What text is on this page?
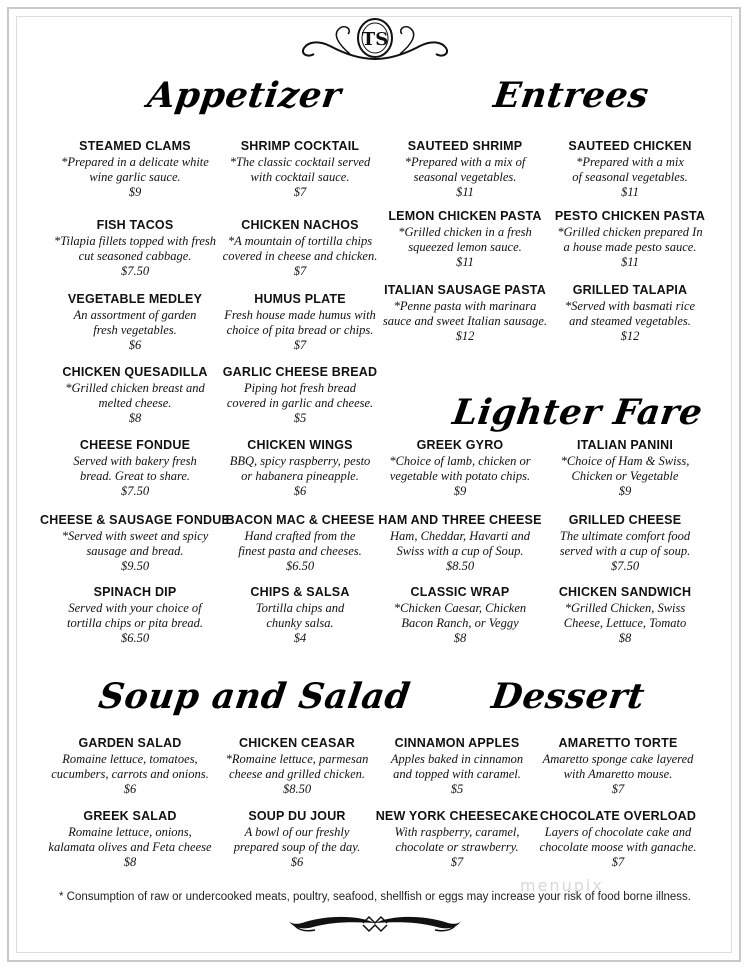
TS
Appetizer	Entrees
Lighter Fare
Soup and Salad Dessert
STEAMED CLAMS
*Prepared in a delicate white
wine garlic sauce.
$9
SHRIMP COCKTAIL
*The classic cocktail served
with cocktail sauce.
$7
FISH TACOS
*Tilapia fillets topped with fresh
cut seasoned cabbage.
$7.50
CHICKEN NACHOS
*A mountain of tortilla chips
covered in cheese and chicken.
$7
VEGETABLE MEDLEY
An assortment of garden
fresh vegetables.
$6
HUMUS PLATE
Fresh house made humus with
choice of pita bread or chips.
$7
CHICKEN QUESADILLA
*Grilled chicken breast and
melted cheese.
$8
GARLIC CHEESE BREAD
Piping hot fresh bread
covered in garlic and cheese.
$5
CHEESE FONDUE
Served with bakery fresh
bread. Great to share.
$7.50
CHICKEN WINGS
BBQ, spicy raspberry, pesto
or habanera pineapple.
$6
CHEESE & SAUSAGE FONDUE
*Served with sweet and spicy
sausage and bread.
$9.50
BACON MAC & CHEESE
Hand crafted from the
finest pasta and cheeses.
$6.50
SPINACH DIP
Served with your choice of
tortilla chips or pita bread.
$6.50
CHIPS & SALSA
Tortilla chips and
chunky salsa.
$4
SAUTEED SHRIMP
*Prepared with a mix of
seasonal vegetables.
$11
SAUTEED CHICKEN
*Prepared with a mix
of seasonal vegetables.
$11
LEMON CHICKEN PASTA
*Grilled chicken in a fresh
squeezed lemon sauce.
$11
PESTO CHICKEN PASTA
*Grilled chicken prepared In
a house made pesto sauce.
$11
ITALIAN SAUSAGE PASTA
*Penne pasta with marinara
sauce and sweet Italian sausage.
$12
GRILLED TALAPIA
*Served with basmati rice
and steamed vegetables.
$12
GREEK GYRO
*Choice of lamb, chicken or
vegetable with potato chips.
$9
ITALIAN PANINI
*Choice of Ham & Swiss,
Chicken or Vegetable
$9
HAM AND THREE CHEESE
Ham, Cheddar, Havarti and
Swiss with a cup of Soup.
$8.50
GRILLED CHEESE
The ultimate comfort food
served with a cup of soup.
$7.50
CLASSIC WRAP
*Chicken Caesar, Chicken
Bacon Ranch, or Veggy
$8
CHICKEN SANDWICH
*Grilled Chicken, Swiss
Cheese, Lettuce, Tomato
$8
GARDEN SALAD
Romaine lettuce, tomatoes,
cucumbers, carrots and onions.
$6
CHICKEN CEASAR
*Romaine lettuce, parmesan
cheese and grilled chicken.
$8.50
GREEK SALAD
Romaine lettuce, onions,
kalamata olives and Feta cheese
$8
SOUP DU JOUR
A bowl of our freshly
prepared soup of the day.
$6
CINNAMON APPLES
Apples baked in cinnamon
and topped with caramel.
$5
AMARETTO TORTE
Amaretto sponge cake layered
with Amaretto mouse.
$7
NEW YORK CHEESECAKE
With raspberry, caramel,
chocolate or strawberry.
$7
CHOCOLATE OVERLOAD
Layers of chocolate cake and
chocolate moose with ganache.
$7
menupix
* Consumption of raw or undercooked meats, poultry, seafood, shellfish or eggs may increase your risk of food borne illness.
